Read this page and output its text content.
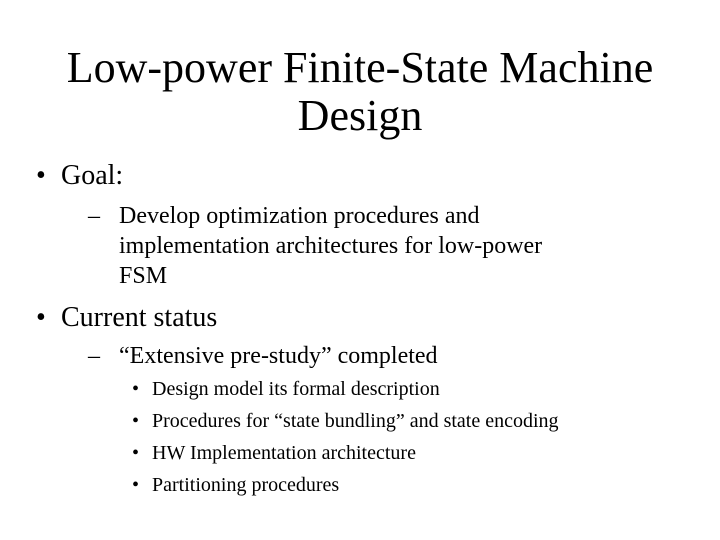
Low-power Finite-State Machine
Design
• Goal:
– Develop optimization procedures and
implementation architectures for low-power
FSM
• Current status
– “Extensive pre-study” completed
• Design model its formal description
• Procedures for “state bundling” and state encoding
• HW Implementation architecture
• Partitioning procedures
